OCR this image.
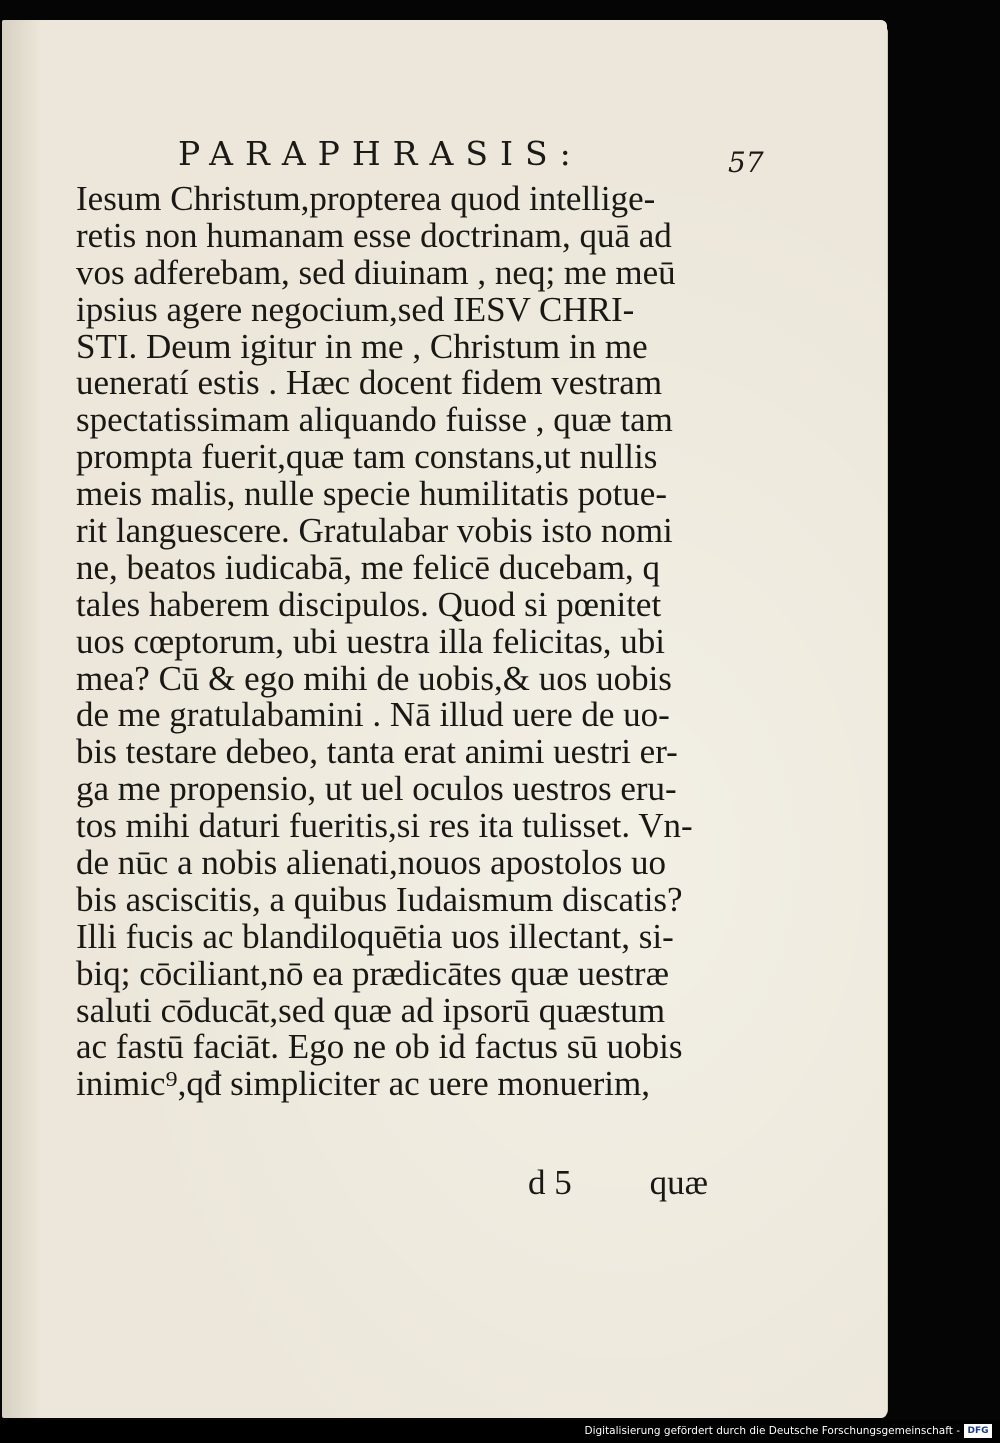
PARAPHRASIS:	57
Iesum Christum,propterea quod intellige-
retis non humanam esse doctrinam, quā ad
vos adferebam, sed diuinam , neq; me meū
ipsius agere negocium,sed IESV CHRI-
STI. Deum igitur in me , Christum in me
ueneratí estis . Hæc docent fidem vestram
spectatissimam aliquando fuisse , quæ tam
prompta fuerit,quæ tam constans,ut nullis
meis malis, nulle specie humilitatis potue-
rit languescere. Gratulabar vobis isto nomi
ne, beatos iudicabā, me felicē ducebam, q
tales haberem discipulos. Quod si pœnitet
uos cœptorum, ubi uestra illa felicitas, ubi
mea? Cū & ego mihi de uobis,& uos uobis
de me gratulabamini . Nā illud uere de uo-
bis testare debeo, tanta erat animi uestri er-
ga me propensio, ut uel oculos uestros eru-
tos mihi daturi fueritis,si res ita tulisset. Vn-
de nūc a nobis alienati,nouos apostolos uo
bis asciscitis, a quibus Iudaismum discatis?
Illi fucis ac blandiloquētia uos illectant, si-
biq; cōciliant,nō ea prædicātes quæ uestræ
saluti cōducāt,sed quæ ad ipsorū quæstum
ac fastū faciāt. Ego ne ob id factus sū uobis
inimic⁹,qđ simpliciter ac uere monuerim,
d 5 quæ
Digitalisierung gefördert durch die Deutsche Forschungsgemeinschaft - DFG
